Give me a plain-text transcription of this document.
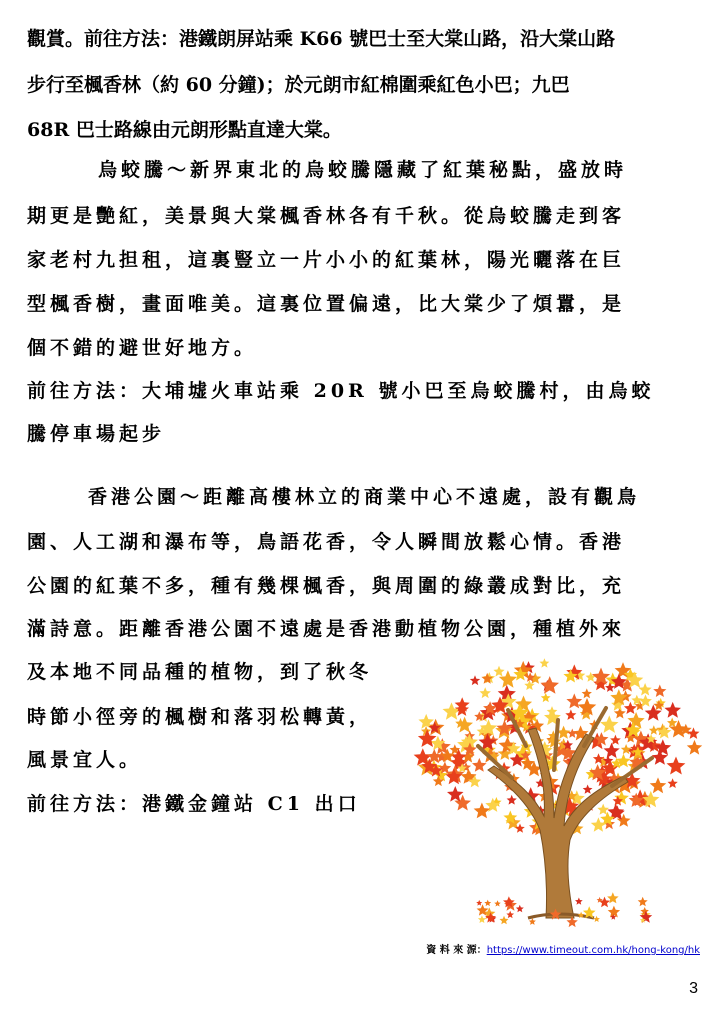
觀賞。前往方法：港鐵朗屏站乘 K66 號巴士至大棠山路，沿大棠山路
步行至楓香林（約 60 分鐘)；於元朗市紅棉圍乘紅色小巴；九巴
68R 巴士路線由元朗形點直達大棠。
烏蛟騰～新界東北的烏蛟騰隱藏了紅葉秘點，盛放時
期更是艷紅，美景與大棠楓香林各有千秋。從烏蛟騰走到客
家老村九担租，這裏豎立一片小小的紅葉林，陽光曬落在巨
型楓香樹，畫面唯美。這裏位置偏遠，比大棠少了煩囂，是
個不錯的避世好地方。
前往方法：大埔墟火車站乘 20R 號小巴至烏蛟騰村，由烏蛟
騰停車場起步
香港公園～距離高樓林立的商業中心不遠處，設有觀鳥
園、人工湖和瀑布等，鳥語花香，令人瞬間放鬆心情。香港
公園的紅葉不多，種有幾棵楓香，與周圍的綠叢成對比，充
滿詩意。距離香港公園不遠處是香港動植物公園，種植外來
及本地不同品種的植物，到了秋冬
時節小徑旁的楓樹和落羽松轉黃，
風景宜人。
前往方法：港鐵金鐘站 C1 出口
資 料 來 源：https://www.timeout.com.hk/hong-kong/hk
3
